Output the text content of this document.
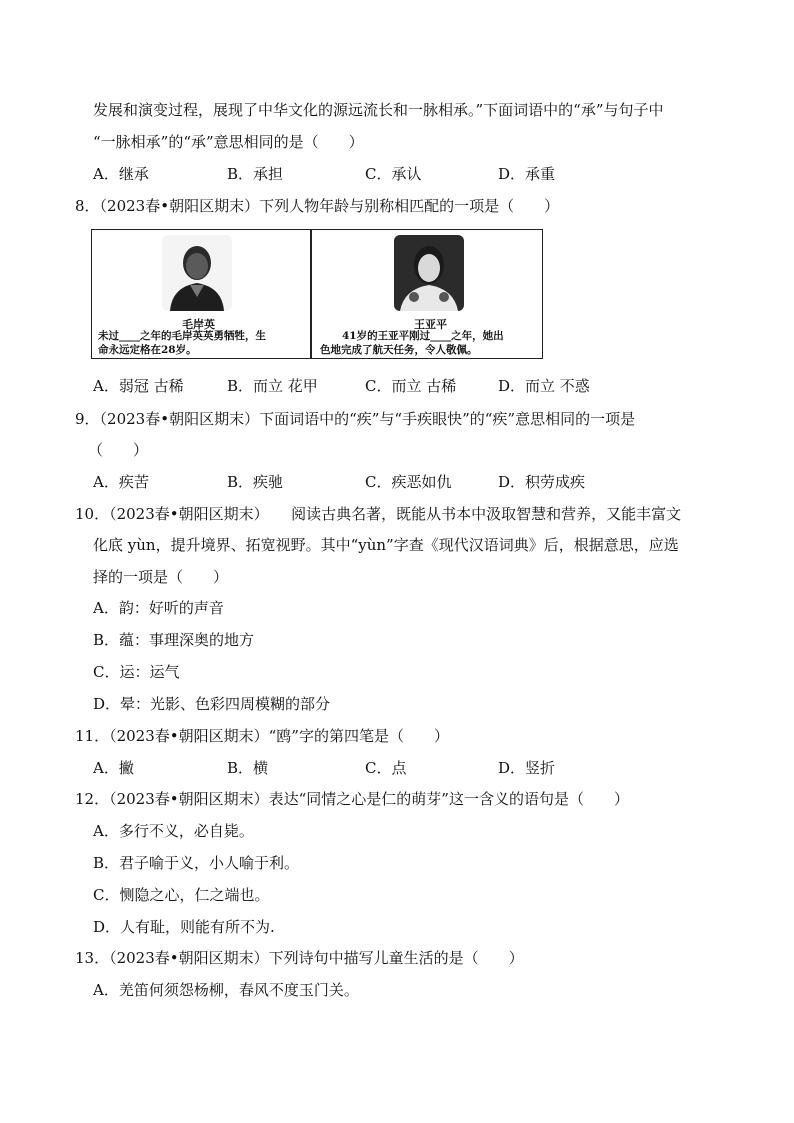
发展和演变过程，展现了中华文化的源远流长和一脉相承。”下面词语中的“承”与句子中
“一脉相承”的“承”意思相同的是（　　）
A．继承	B．承担	C．承认	D．承重
8．（2023春•朝阳区期末）下列人物年龄与别称相匹配的一项是（　　）
毛岸英
未过____之年的毛岸英英勇牺牲，生
命永远定格在28岁。
王亚平
41岁的王亚平刚过____之年，她出
色地完成了航天任务，令人敬佩。
A．弱冠 古稀	B．而立 花甲	C．而立 古稀	D．而立 不惑
9．（2023春•朝阳区期末）下面词语中的“疾”与“手疾眼快”的“疾”意思相同的一项是
（　　）
A．疾苦	B．疾驰	C．疾恶如仇	D．积劳成疾
10．（2023春•朝阳区期末）　　阅读古典名著，既能从书本中汲取智慧和营养，又能丰富文
化底 yùn，提升境界、拓宽视野。其中“yùn”字查《现代汉语词典》后，根据意思，应选
择的一项是（　　）
A．韵：好听的声音
B．蕴：事理深奥的地方
C．运：运气
D．晕：光影、色彩四周模糊的部分
11．（2023春•朝阳区期末）“鸥”字的第四笔是（　　）
A．撇	B．横	C．点	D．竖折
12．（2023春•朝阳区期末）表达“同情之心是仁的萌芽”这一含义的语句是（　　）
A．多行不义，必自毙。
B．君子喻于义，小人喻于利。
C．恻隐之心，仁之端也。
D．人有耻，则能有所不为.
13．（2023春•朝阳区期末）下列诗句中描写儿童生活的是（　　）
A．羌笛何须怨杨柳，春风不度玉门关。
